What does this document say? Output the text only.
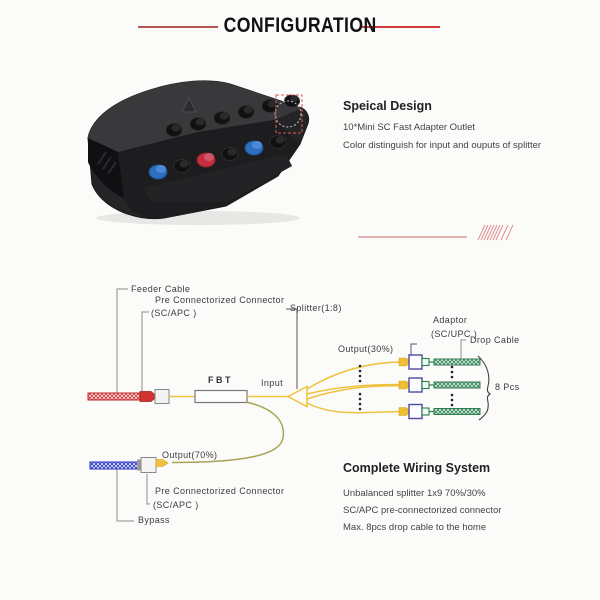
CONFIGURATION
Speical Design
10*Mini SC Fast Adapter Outlet
Color distinguish for input and ouputs of splitter
Feeder Cable
Pre Connectorized Connector
(SC/APC )	Splitter(1:8)
Adaptor
(SC/UPC )
Drop Cable
Output(30%)
8 Pcs
FBT	Input
Output(70%)
Pre Connectorized Connector
(SC/APC )
Bypass
Complete Wiring System
Unbalanced splitter 1x9 70%/30%
SC/APC pre-connectorized connector
Max. 8pcs drop cable to the home
